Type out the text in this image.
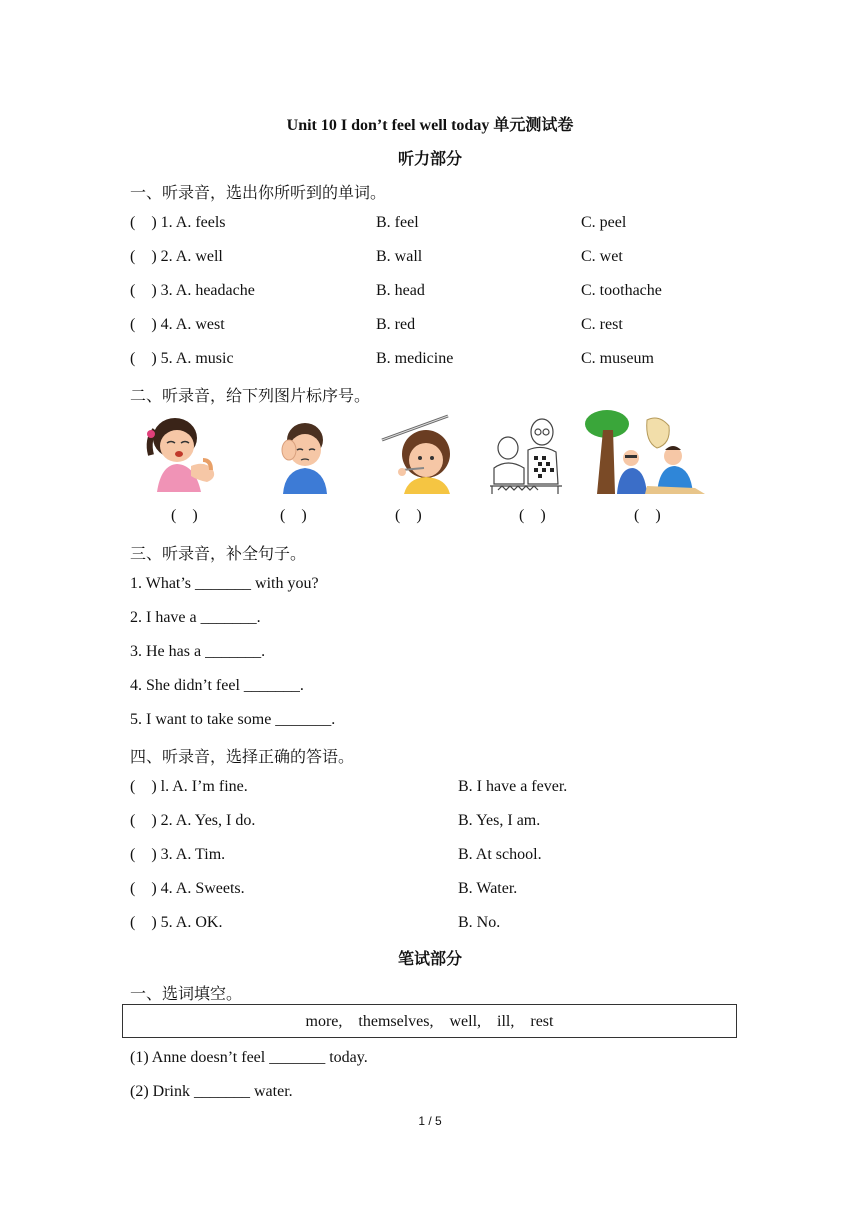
Unit 10 I don’t feel well today 单元测试卷
听力部分
一、听录音，选出你所听到的单词。
(    ) 1. A. feels	B. feel	C. peel
(    ) 2. A. well	B. wall	C. wet
(    ) 3. A. headache	B. head	C. toothache
(    ) 4. A. west	B. red	C. rest
(    ) 5. A. music	B. medicine	C. museum
二、听录音，给下列图片标序号。
(    )	(    )	(    )	(    )	(    )
三、听录音，补全句子。
1. What’s _______ with you?
2. I have a _______.
3. He has a _______.
4. She didn’t feel _______.
5. I want to take some _______.
四、听录音，选择正确的答语。
(    ) l. A. I’m fine.	B. I have a fever.
(    ) 2. A. Yes, I do.	B. Yes, I am.
(    ) 3. A. Tim.	B. At school.
(    ) 4. A. Sweets.	B. Water.
(    ) 5. A. OK.	B. No.
笔试部分
一、选词填空。
more,    themselves,    well,    ill,    rest
(1) Anne doesn’t feel _______ today.
(2) Drink _______ water.
1 / 5
